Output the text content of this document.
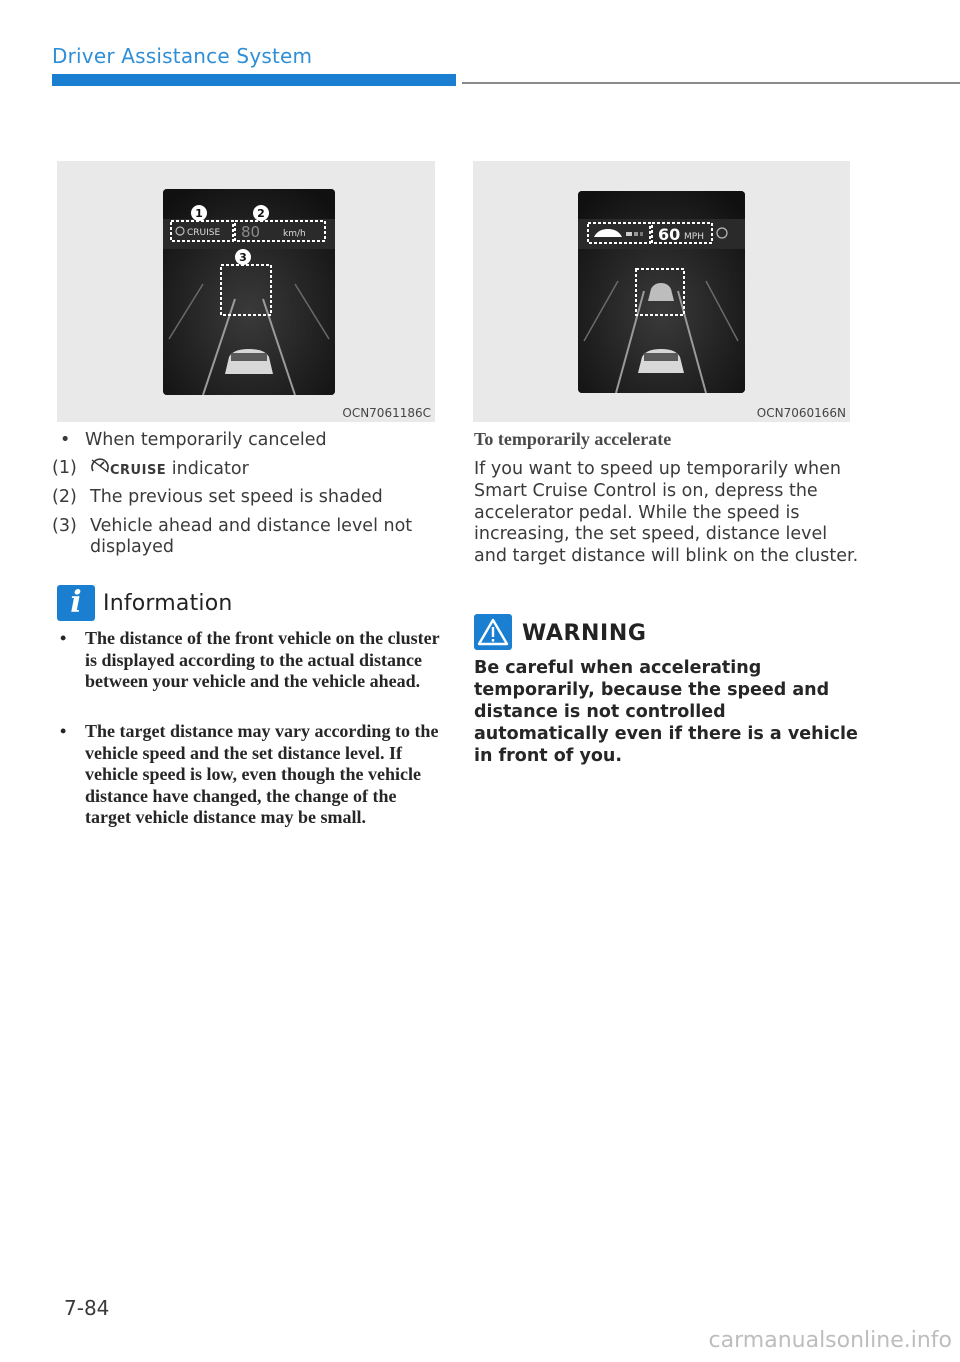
Driver Assistance System
1	2
3
CRUISE 80	km/h
OCN7061186C
60 MPH
OCN7060166N
• When temporarily canceled
(1)	CRUISE indicator
(2) The previous set speed is shaded
(3) Vehicle ahead and distance level not displayed
i Information
• The distance of the front vehicle on the cluster is displayed according to the actual distance between your vehicle and the vehicle ahead.
• The target distance may vary according to the vehicle speed and the set distance level. If vehicle speed is low, even though the vehicle distance have changed, the change of the target vehicle distance may be small.
To temporarily accelerate
If you want to speed up temporarily when Smart Cruise Control is on, depress the accelerator pedal. While the speed is increasing, the set speed, distance level and target distance will blink on the cluster.
WARNING
Be careful when accelerating temporarily, because the speed and distance is not controlled automatically even if there is a vehicle in front of you.
7-84
carmanualsonline.info
